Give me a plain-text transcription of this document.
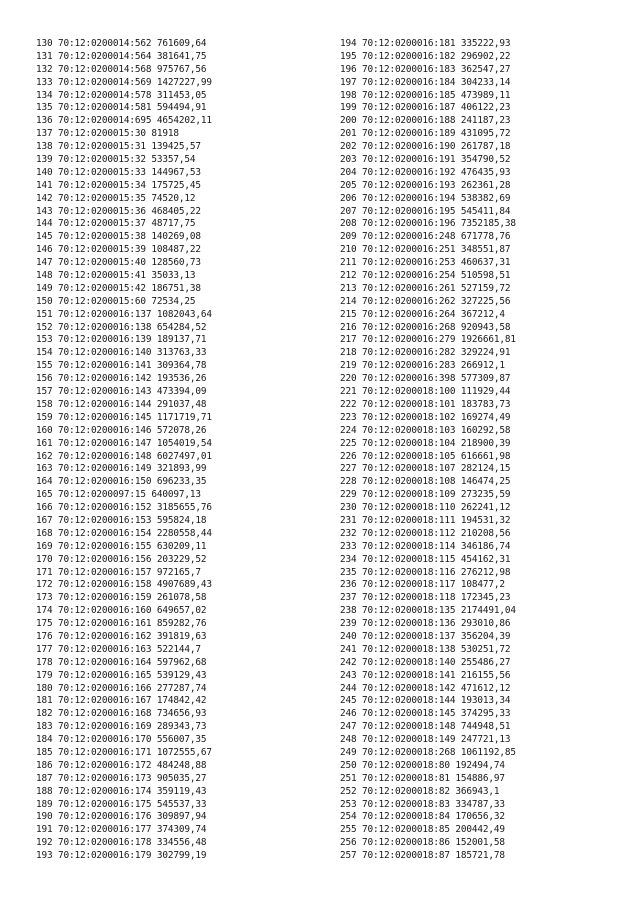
130 70:12:0200014:562 761609,64
131 70:12:0200014:564 381641,75
132 70:12:0200014:568 975767,56
133 70:12:0200014:569 1427227,99
134 70:12:0200014:578 311453,05
135 70:12:0200014:581 594494,91
136 70:12:0200014:695 4654202,11
137 70:12:0200015:30 81918
138 70:12:0200015:31 139425,57
139 70:12:0200015:32 53357,54
140 70:12:0200015:33 144967,53
141 70:12:0200015:34 175725,45
142 70:12:0200015:35 74520,12
143 70:12:0200015:36 468405,22
144 70:12:0200015:37 48717,75
145 70:12:0200015:38 140269,08
146 70:12:0200015:39 108487,22
147 70:12:0200015:40 128560,73
148 70:12:0200015:41 35033,13
149 70:12:0200015:42 186751,38
150 70:12:0200015:60 72534,25
151 70:12:0200016:137 1082043,64
152 70:12:0200016:138 654284,52
153 70:12:0200016:139 189137,71
154 70:12:0200016:140 313763,33
155 70:12:0200016:141 309364,78
156 70:12:0200016:142 193536,26
157 70:12:0200016:143 473394,09
158 70:12:0200016:144 291037,48
159 70:12:0200016:145 1171719,71
160 70:12:0200016:146 572078,26
161 70:12:0200016:147 1054019,54
162 70:12:0200016:148 6027497,01
163 70:12:0200016:149 321893,99
164 70:12:0200016:150 696233,35
165 70:12:0200097:15 640097,13
166 70:12:0200016:152 3185655,76
167 70:12:0200016:153 595824,18
168 70:12:0200016:154 2280558,44
169 70:12:0200016:155 630209,11
170 70:12:0200016:156 203229,52
171 70:12:0200016:157 972165,7
172 70:12:0200016:158 4907689,43
173 70:12:0200016:159 261078,58
174 70:12:0200016:160 649657,02
175 70:12:0200016:161 859282,76
176 70:12:0200016:162 391819,63
177 70:12:0200016:163 522144,7
178 70:12:0200016:164 597962,68
179 70:12:0200016:165 539129,43
180 70:12:0200016:166 277287,74
181 70:12:0200016:167 174842,42
182 70:12:0200016:168 734656,93
183 70:12:0200016:169 289343,73
184 70:12:0200016:170 556007,35
185 70:12:0200016:171 1072555,67
186 70:12:0200016:172 484248,88
187 70:12:0200016:173 905035,27
188 70:12:0200016:174 359119,43
189 70:12:0200016:175 545537,33
190 70:12:0200016:176 309897,94
191 70:12:0200016:177 374309,74
192 70:12:0200016:178 334556,48
193 70:12:0200016:179 302799,19
194 70:12:0200016:181 335222,93
195 70:12:0200016:182 296902,22
196 70:12:0200016:183 362547,27
197 70:12:0200016:184 304233,14
198 70:12:0200016:185 473989,11
199 70:12:0200016:187 406122,23
200 70:12:0200016:188 241187,23
201 70:12:0200016:189 431095,72
202 70:12:0200016:190 261787,18
203 70:12:0200016:191 354790,52
204 70:12:0200016:192 476435,93
205 70:12:0200016:193 262361,28
206 70:12:0200016:194 538382,69
207 70:12:0200016:195 545411,84
208 70:12:0200016:196 7352185,38
209 70:12:0200016:248 671778,76
210 70:12:0200016:251 348551,87
211 70:12:0200016:253 460637,31
212 70:12:0200016:254 510598,51
213 70:12:0200016:261 527159,72
214 70:12:0200016:262 327225,56
215 70:12:0200016:264 367212,4
216 70:12:0200016:268 920943,58
217 70:12:0200016:279 1926661,81
218 70:12:0200016:282 329224,91
219 70:12:0200016:283 266912,1
220 70:12:0200016:398 577309,87
221 70:12:0200018:100 111929,44
222 70:12:0200018:101 183783,73
223 70:12:0200018:102 169274,49
224 70:12:0200018:103 160292,58
225 70:12:0200018:104 218900,39
226 70:12:0200018:105 616661,98
227 70:12:0200018:107 282124,15
228 70:12:0200018:108 146474,25
229 70:12:0200018:109 273235,59
230 70:12:0200018:110 262241,12
231 70:12:0200018:111 194531,32
232 70:12:0200018:112 210208,56
233 70:12:0200018:114 346186,74
234 70:12:0200018:115 454162,31
235 70:12:0200018:116 276212,98
236 70:12:0200018:117 108477,2
237 70:12:0200018:118 172345,23
238 70:12:0200018:135 2174491,04
239 70:12:0200018:136 293010,86
240 70:12:0200018:137 356204,39
241 70:12:0200018:138 530251,72
242 70:12:0200018:140 255486,27
243 70:12:0200018:141 216155,56
244 70:12:0200018:142 471612,12
245 70:12:0200018:144 193013,34
246 70:12:0200018:145 374295,33
247 70:12:0200018:148 744948,51
248 70:12:0200018:149 247721,13
249 70:12:0200018:268 1061192,85
250 70:12:0200018:80 192494,74
251 70:12:0200018:81 154886,97
252 70:12:0200018:82 366943,1
253 70:12:0200018:83 334787,33
254 70:12:0200018:84 170656,32
255 70:12:0200018:85 200442,49
256 70:12:0200018:86 152001,58
257 70:12:0200018:87 185721,78
